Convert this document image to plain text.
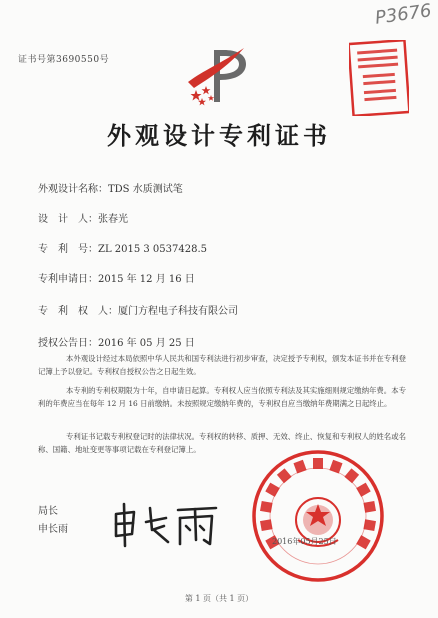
P3676
证书号第3690550号
外观设计专利证书
外观设计名称：TDS 水质测试笔
设　计　人：张春光
专　利　号：ZL 2015 3 0537428.5
专利申请日：2015 年 12 月 16 日
专　利　权　人：厦门方程电子科技有限公司
授权公告日：2016 年 05 月 25 日

本外观设计经过本局依照中华人民共和国专利法进行初步审查，决定授予专利权，颁发本证书并在专利登记簿上予以登记。专利权自授权公告之日起生效。

本专利的专利权期限为十年，自申请日起算。专利权人应当依照专利法及其实施细则规定缴纳年费。本专利的年费应当在每年 12 月 16 日前缴纳。未按照规定缴纳年费的，专利权自应当缴纳年费期满之日起终止。

专利证书记载专利权登记时的法律状况。专利权的转移、质押、无效、终止、恢复和专利权人的姓名或名称、国籍、地址变更等事项记载在专利登记簿上。

局长
申长雨
2016年05月25日
第 1 页（共 1 页）
